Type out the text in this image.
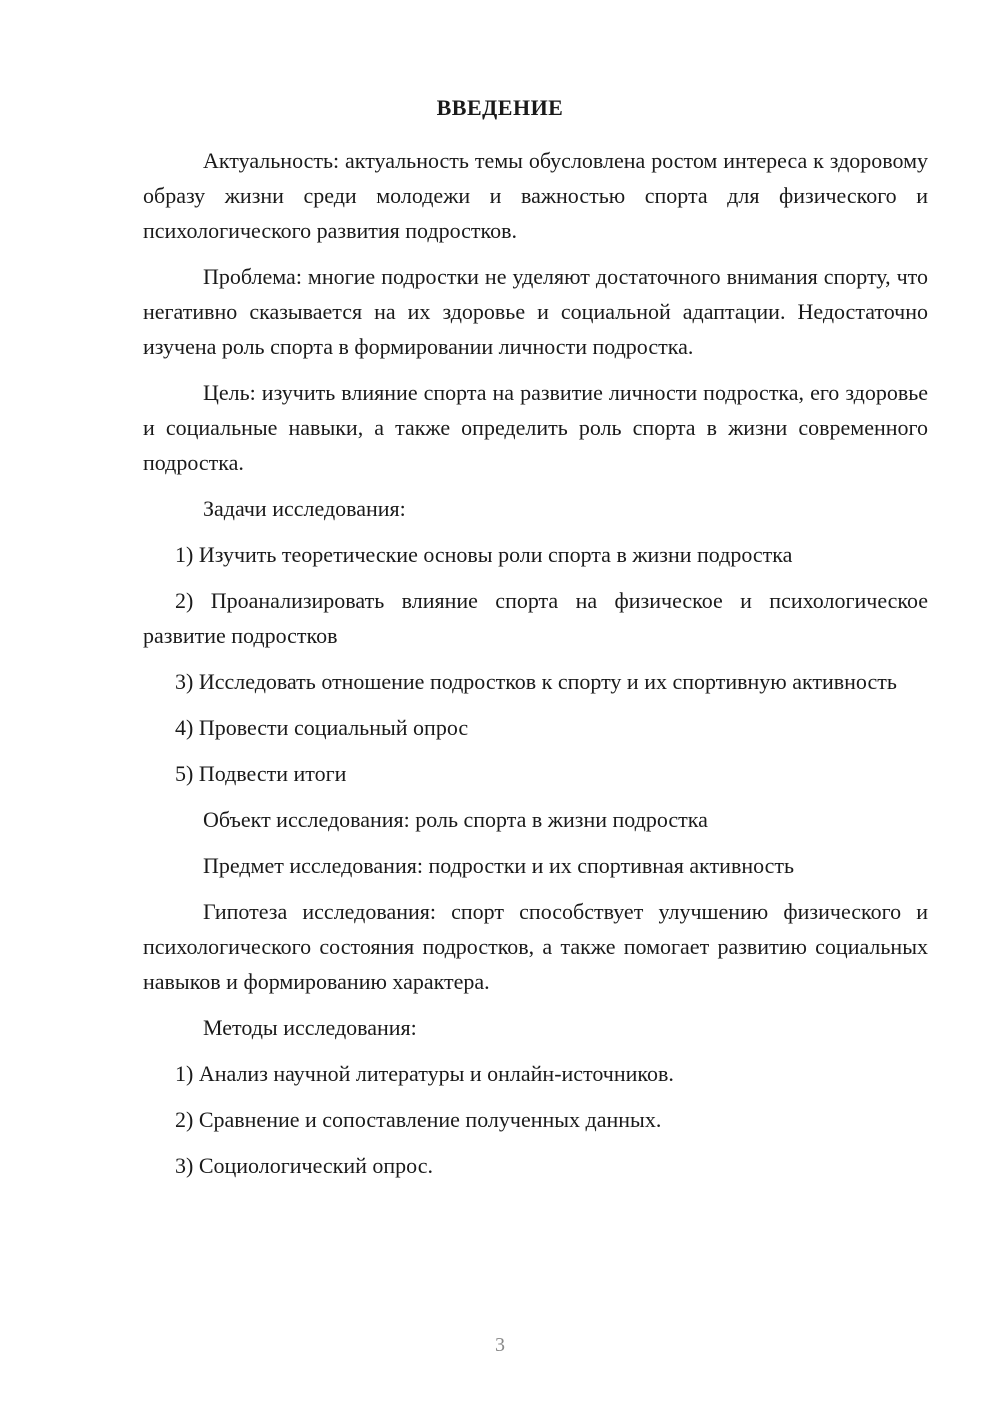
ВВЕДЕНИЕ

Актуальность: актуальность темы обусловлена ростом интереса к здоровому образу жизни среди молодежи и важностью спорта для физического и психологического развития подростков.

Проблема: многие подростки не уделяют достаточного внимания спорту, что негативно сказывается на их здоровье и социальной адаптации. Недостаточно изучена роль спорта в формировании личности подростка.

Цель: изучить влияние спорта на развитие личности подростка, его здоровье и социальные навыки, а также определить роль спорта в жизни современного подростка.

Задачи исследования:

1) Изучить теоретические основы роли спорта в жизни подростка

2) Проанализировать влияние спорта на физическое и психологическое развитие подростков

3) Исследовать отношение подростков к спорту и их спортивную активность

4) Провести социальный опрос

5) Подвести итоги

Объект исследования: роль спорта в жизни подростка

Предмет исследования: подростки и их спортивная активность

Гипотеза исследования: спорт способствует улучшению физического и психологического состояния подростков, а также помогает развитию социальных навыков и формированию характера.

Методы исследования:

1) Анализ научной литературы и онлайн-источников.

2) Сравнение и сопоставление полученных данных.

3) Социологический опрос.

3
